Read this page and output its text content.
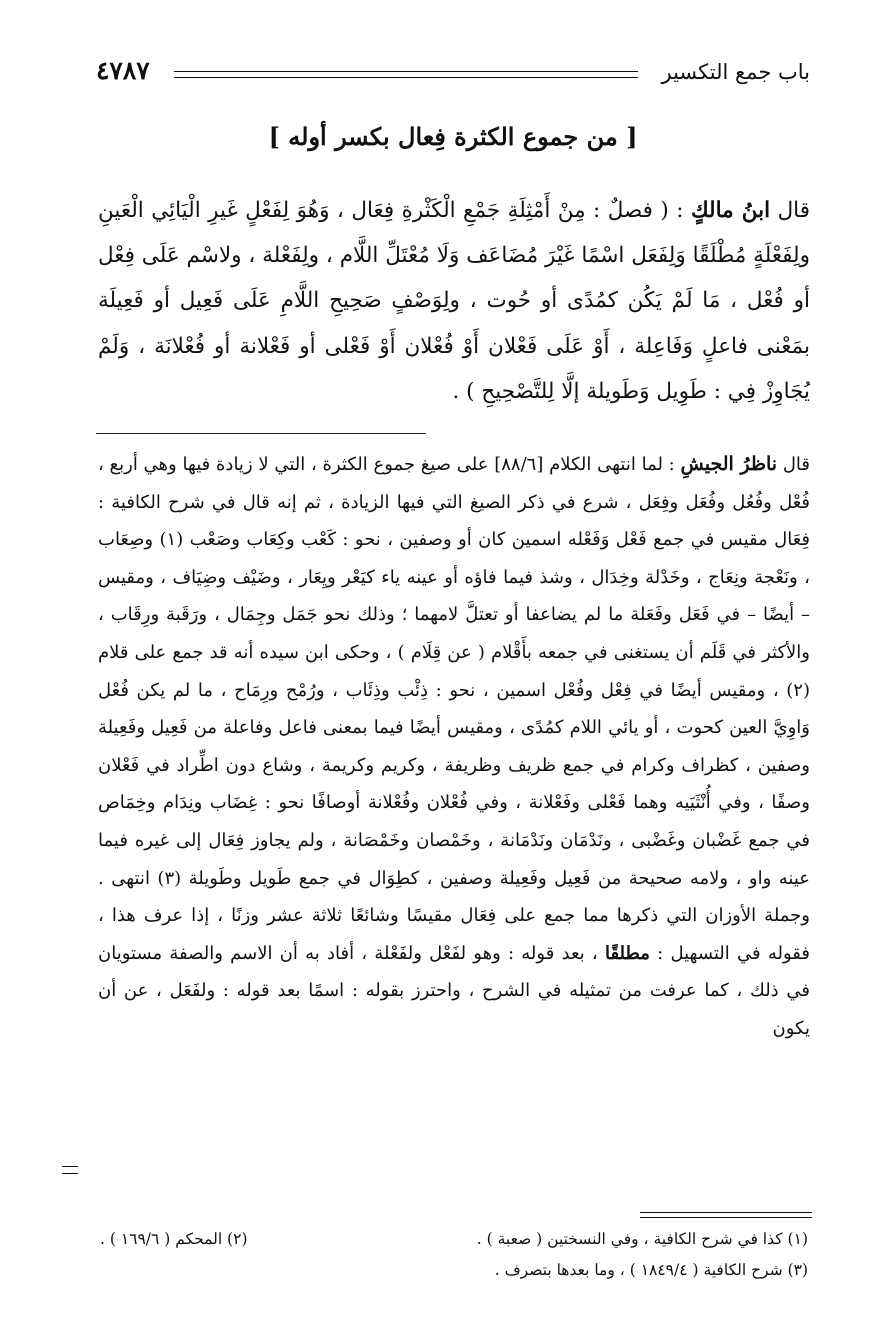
باب جمع التكسير
٤٧٨٧
[ من جموع الكثرة فِعال بكسر أوله ]
قال ابنُ مالكٍ : ( فصلٌ : مِنْ أَمْثِلَةِ جَمْعِ الْكَثْرةِ فِعَال ، وَهُوَ لِفَعْلٍ غَيرِ الْيَائِي الْعَينِ ولِفَعْلَةٍ مُطْلَقًا وَلِفَعَل اسْمًا غَيْرَ مُضَاعَف وَلَا مُعْتَلِّ اللَّام ، ولِفَعْلة ، ولاسْم عَلَى فِعْل أو فُعْل ، مَا لَمْ يَكُن كمُدًى أو حُوت ، ولِوَصْفٍ صَحِيحِ اللَّامِ عَلَى فَعِيل أو فَعِيلَة بمَعْنى فاعلٍ وَفَاعِلة ، أَوْ عَلَى فَعْلان أَوْ فُعْلان أَوْ فَعْلى أو فَعْلانة أو فُعْلانَة ، وَلَمْ يُجَاوِزْ فِي : طَوِيل وَطَويلة إلَّا لِلتَّصْحِيحِ ) .
قال ناظرُ الجيشِ : لما انتهى الكلام [٨٨/٦] على صيغ جموع الكثرة ، التي لا زيادة فيها وهي أربع ، فُعْل وفُعُل وفُعَل وفِعَل ، شرع في ذكر الصيغ التي فيها الزيادة ، ثم إنه قال في شرح الكافية : فِعَال مقيس في جمع فَعْل وَفَعْله اسمين كان أو وصفين ، نحو : كَعْب وكِعَاب وصَعْب (١) وصِعَاب ، ونَعْجة ونِعَاج ، وخَدْلة وخِدَال ، وشذ فيما فاؤه أو عينه ياء كيَعْر ويِعَار ، وضَيْف وضِيَاف ، ومقيس – أيضًا – في فَعَل وفَعَلة ما لم يضاعفا أو تعتلَّ لامهما ؛ وذلك نحو جَمَل وجِمَال ، ورَقَبة ورِقَاب ، والأكثر في قَلَم أن يستغنى في جمعه بأَقْلام ( عن قِلَام ) ، وحكى ابن سيده أنه قد جمع على قلام (٢) ، ومقيس أيضًا في فِعْل وفُعْل اسمين ، نحو : ذِئْب وذِئَاب ، ورُمْح ورِمَاح ، ما لم يكن فُعْل وَاوِيَّ العين كحوت ، أو يائي اللام كمُدًى ، ومقيس أيضًا فيما بمعنى فاعل وفاعلة من فَعِيل وفَعِيلة وصفين ، كظراف وكرام في جمع ظريف وظريفة ، وكريم وكريمة ، وشاع دون اطِّراد في فَعْلان وصفًا ، وفي أُنْثَيَيه وهما فَعْلى وفَعْلانة ، وفي فُعْلان وفُعْلانة أوصافًا نحو : غِضَاب ونِدَام وخِمَاص في جمع غَضْبان وغَضْبى ، ونَدْمَان ونَدْمَانة ، وخَمْصان وخَمْصَانة ، ولم يجاوز فِعَال إلى غيره فيما عينه واو ، ولامه صحيحة من فَعِيل وفَعِيلة وصفين ، كطِوَال في جمع طَويل وطَويلة (٣) انتهى . وجملة الأوزان التي ذكرها مما جمع على فِعَال مقيسًا وشائعًا ثلاثة عشر وزنًا ، إذا عرف هذا ، فقوله في التسهيل : مطلقًا ، بعد قوله : وهو لفَعْل ولفَعْلة ، أفاد به أن الاسم والصفة مستويان في ذلك ، كما عرفت من تمثيله في الشرح ، واحترز بقوله : اسمًا بعد قوله : ولفَعَل ، عن أن يكون
(١) كذا في شرح الكافية ، وفي النسختين ( صعبة ) .
(٢) المحكم ( ١٦٩/٦ ) .
(٣) شرح الكافية ( ١٨٤٩/٤ ) ، وما بعدها بتصرف .
